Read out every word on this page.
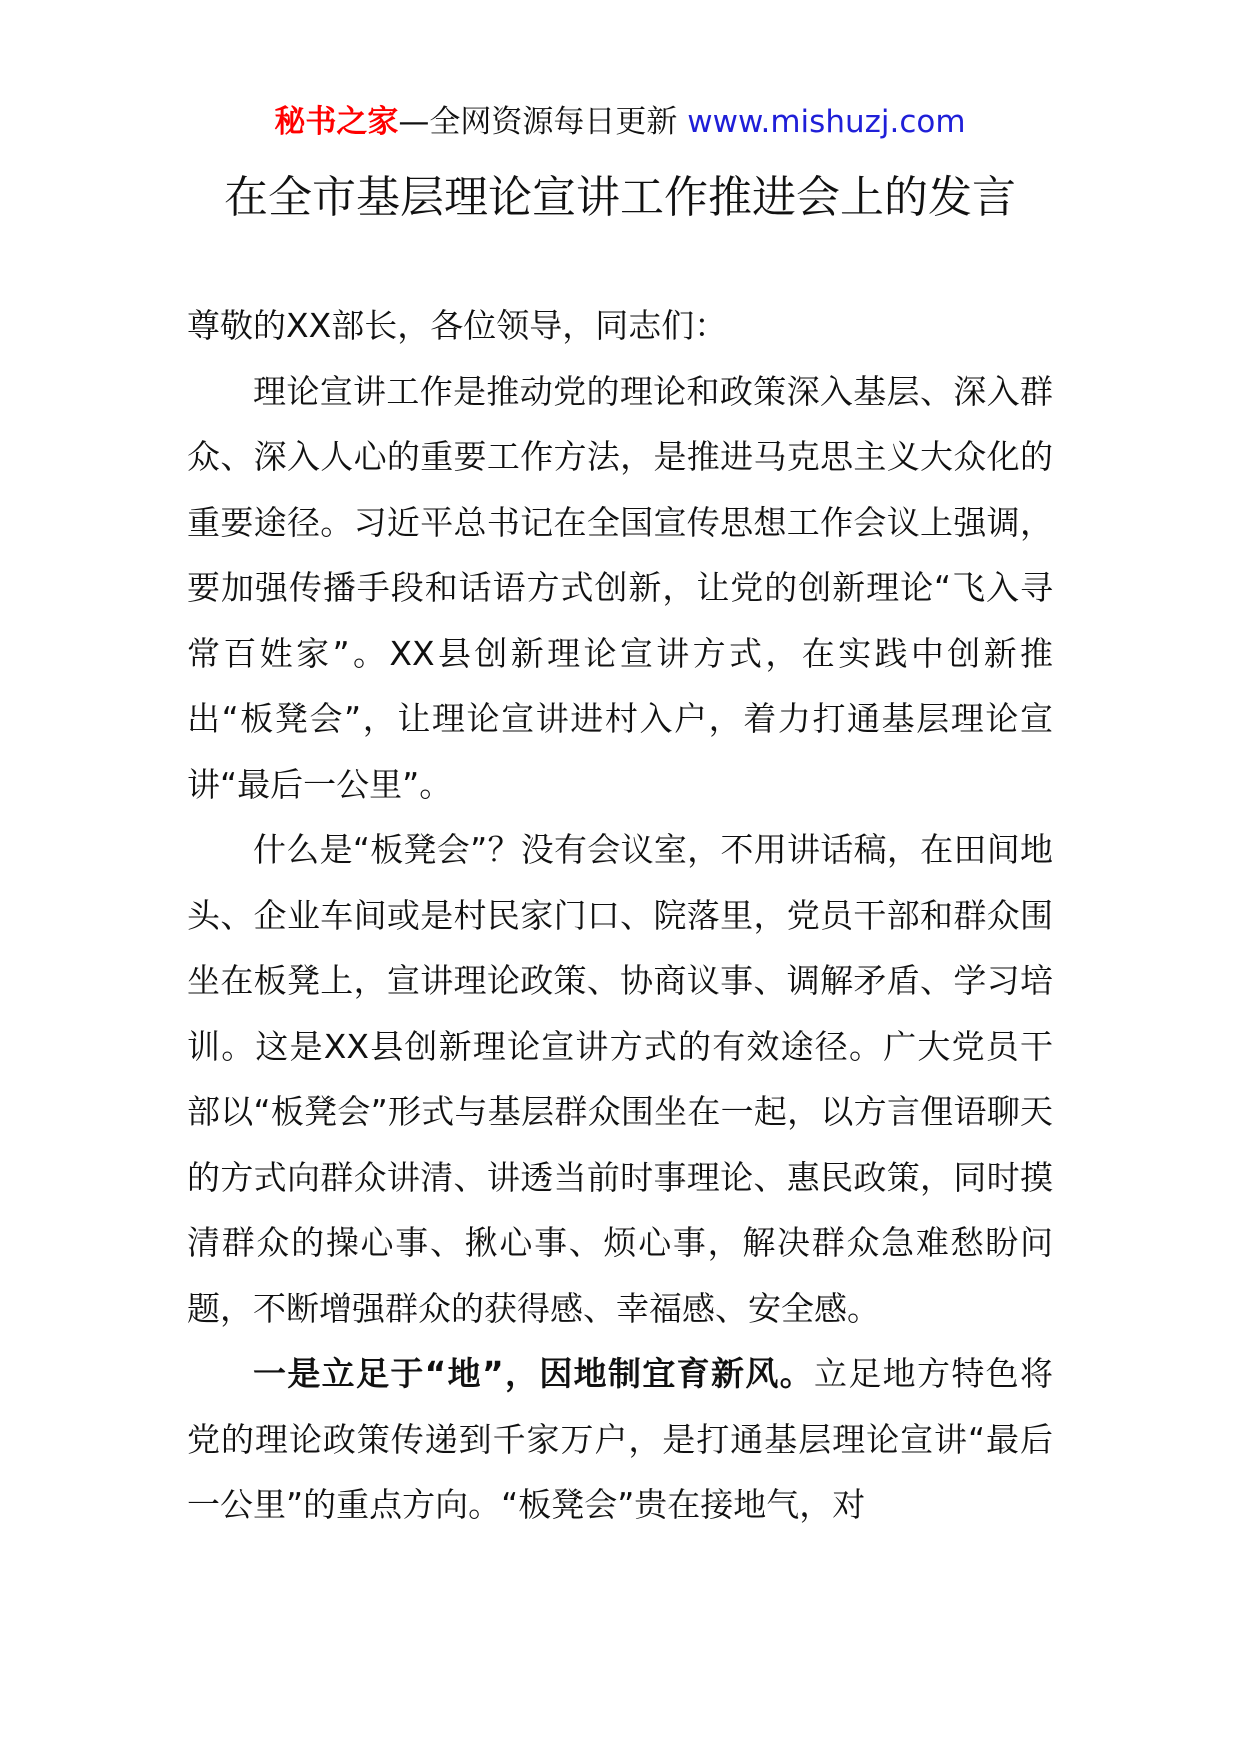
秘书之家—全网资源每日更新 www.mishuzj.com
在全市基层理论宣讲工作推进会上的发言

尊敬的XX部长，各位领导，同志们：

理论宣讲工作是推动党的理论和政策深入基层、深入群众、深入人心的重要工作方法，是推进马克思主义大众化的重要途径。习近平总书记在全国宣传思想工作会议上强调，要加强传播手段和话语方式创新，让党的创新理论“飞入寻常百姓家”。XX县创新理论宣讲方式，在实践中创新推出“板凳会”，让理论宣讲进村入户，着力打通基层理论宣讲“最后一公里”。

什么是“板凳会”？没有会议室，不用讲话稿，在田间地头、企业车间或是村民家门口、院落里，党员干部和群众围坐在板凳上，宣讲理论政策、协商议事、调解矛盾、学习培训。这是XX县创新理论宣讲方式的有效途径。广大党员干部以“板凳会”形式与基层群众围坐在一起，以方言俚语聊天的方式向群众讲清、讲透当前时事理论、惠民政策，同时摸清群众的操心事、揪心事、烦心事，解决群众急难愁盼问题，不断增强群众的获得感、幸福感、安全感。

一是立足于“地”，因地制宜育新风。立足地方特色将党的理论政策传递到千家万户，是打通基层理论宣讲“最后一公里”的重点方向。“板凳会”贵在接地气，对
